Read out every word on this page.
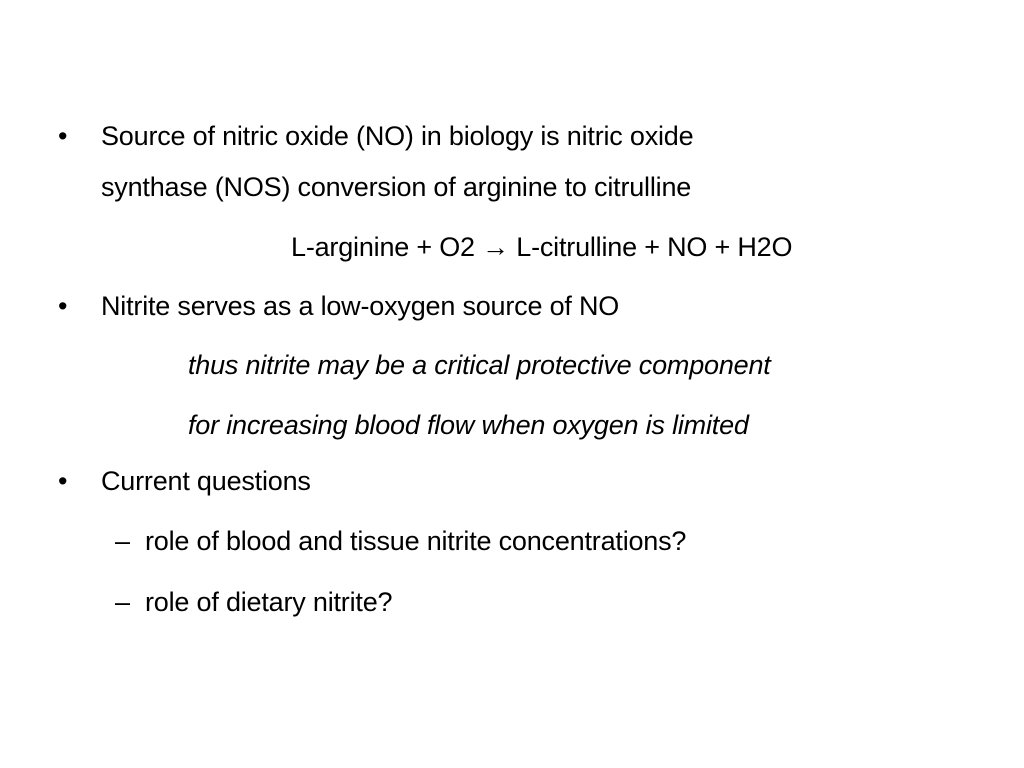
• Source of nitric oxide (NO) in biology is nitric oxide
synthase (NOS) conversion of arginine to citrulline
L-arginine + O2 → L-citrulline + NO + H2O
• Nitrite serves as a low-oxygen source of NO
thus nitrite may be a critical protective component
for increasing blood flow when oxygen is limited
• Current questions
– role of blood and tissue nitrite concentrations?
– role of dietary nitrite?
